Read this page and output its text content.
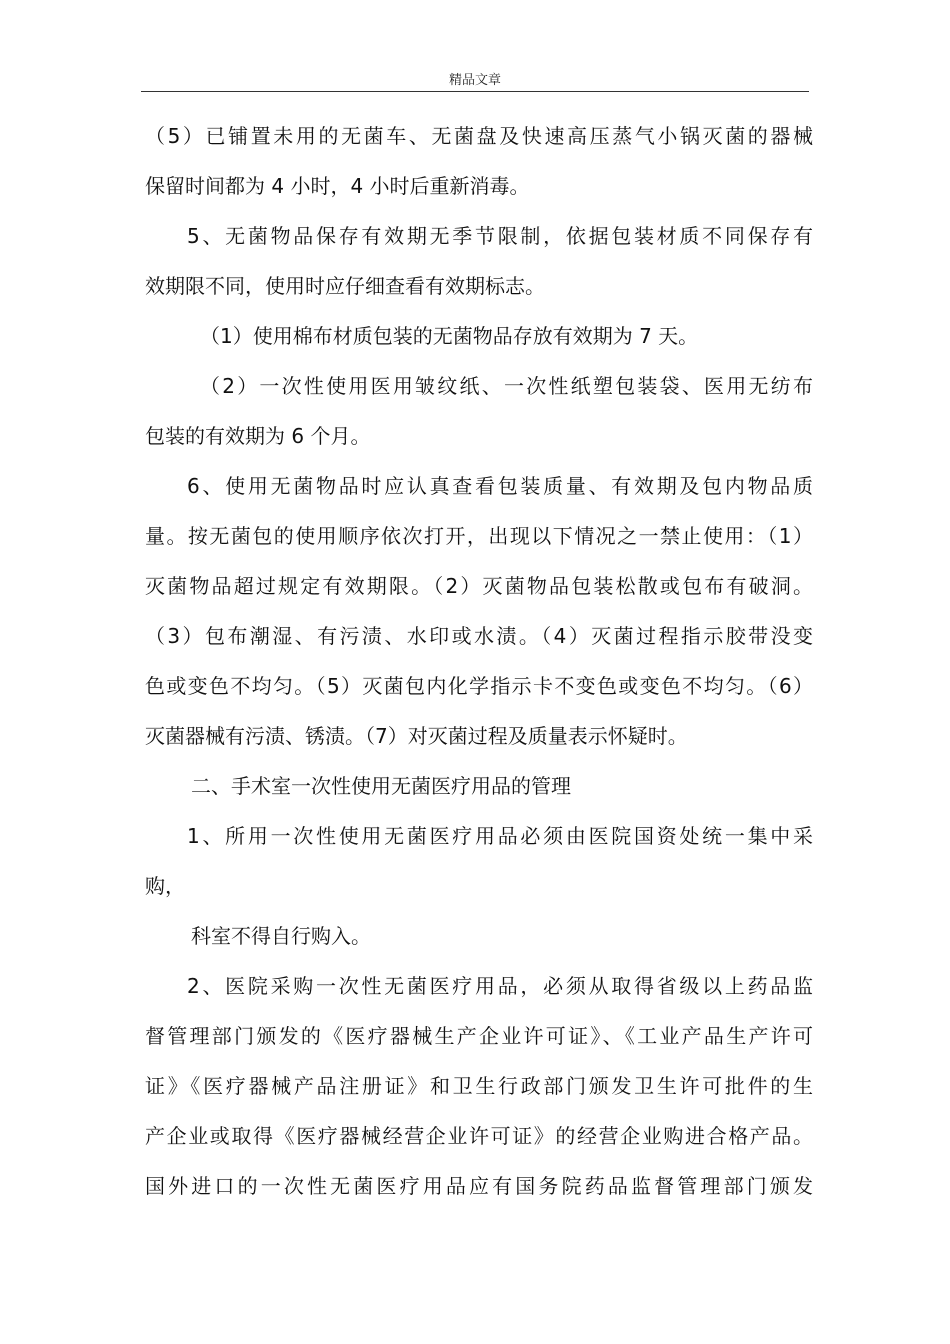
精品文章
（5）已铺置未用的无菌车、无菌盘及快速高压蒸气小锅灭菌的器械
保留时间都为 4 小时，4 小时后重新消毒。
5、无菌物品保存有效期无季节限制，依据包装材质不同保存有
效期限不同，使用时应仔细查看有效期标志。
（1）使用棉布材质包装的无菌物品存放有效期为 7 天。
（2）一次性使用医用皱纹纸、一次性纸塑包装袋、医用无纺布
包装的有效期为 6 个月。
6、使用无菌物品时应认真查看包装质量、有效期及包内物品质
量。按无菌包的使用顺序依次打开，出现以下情况之一禁止使用：（1）
灭菌物品超过规定有效期限。（2）灭菌物品包装松散或包布有破洞。
（3）包布潮湿、有污渍、水印或水渍。（4）灭菌过程指示胶带没变
色或变色不均匀。（5）灭菌包内化学指示卡不变色或变色不均匀。（6）
灭菌器械有污渍、锈渍。（7）对灭菌过程及质量表示怀疑时。
二、手术室一次性使用无菌医疗用品的管理
1、所用一次性使用无菌医疗用品必须由医院国资处统一集中采
购，
科室不得自行购入。
2、医院采购一次性无菌医疗用品，必须从取得省级以上药品监
督管理部门颁发的《医疗器械生产企业许可证》、《工业产品生产许可
证》《医疗器械产品注册证》和卫生行政部门颁发卫生许可批件的生
产企业或取得《医疗器械经营企业许可证》的经营企业购进合格产品。
国外进口的一次性无菌医疗用品应有国务院药品监督管理部门颁发
